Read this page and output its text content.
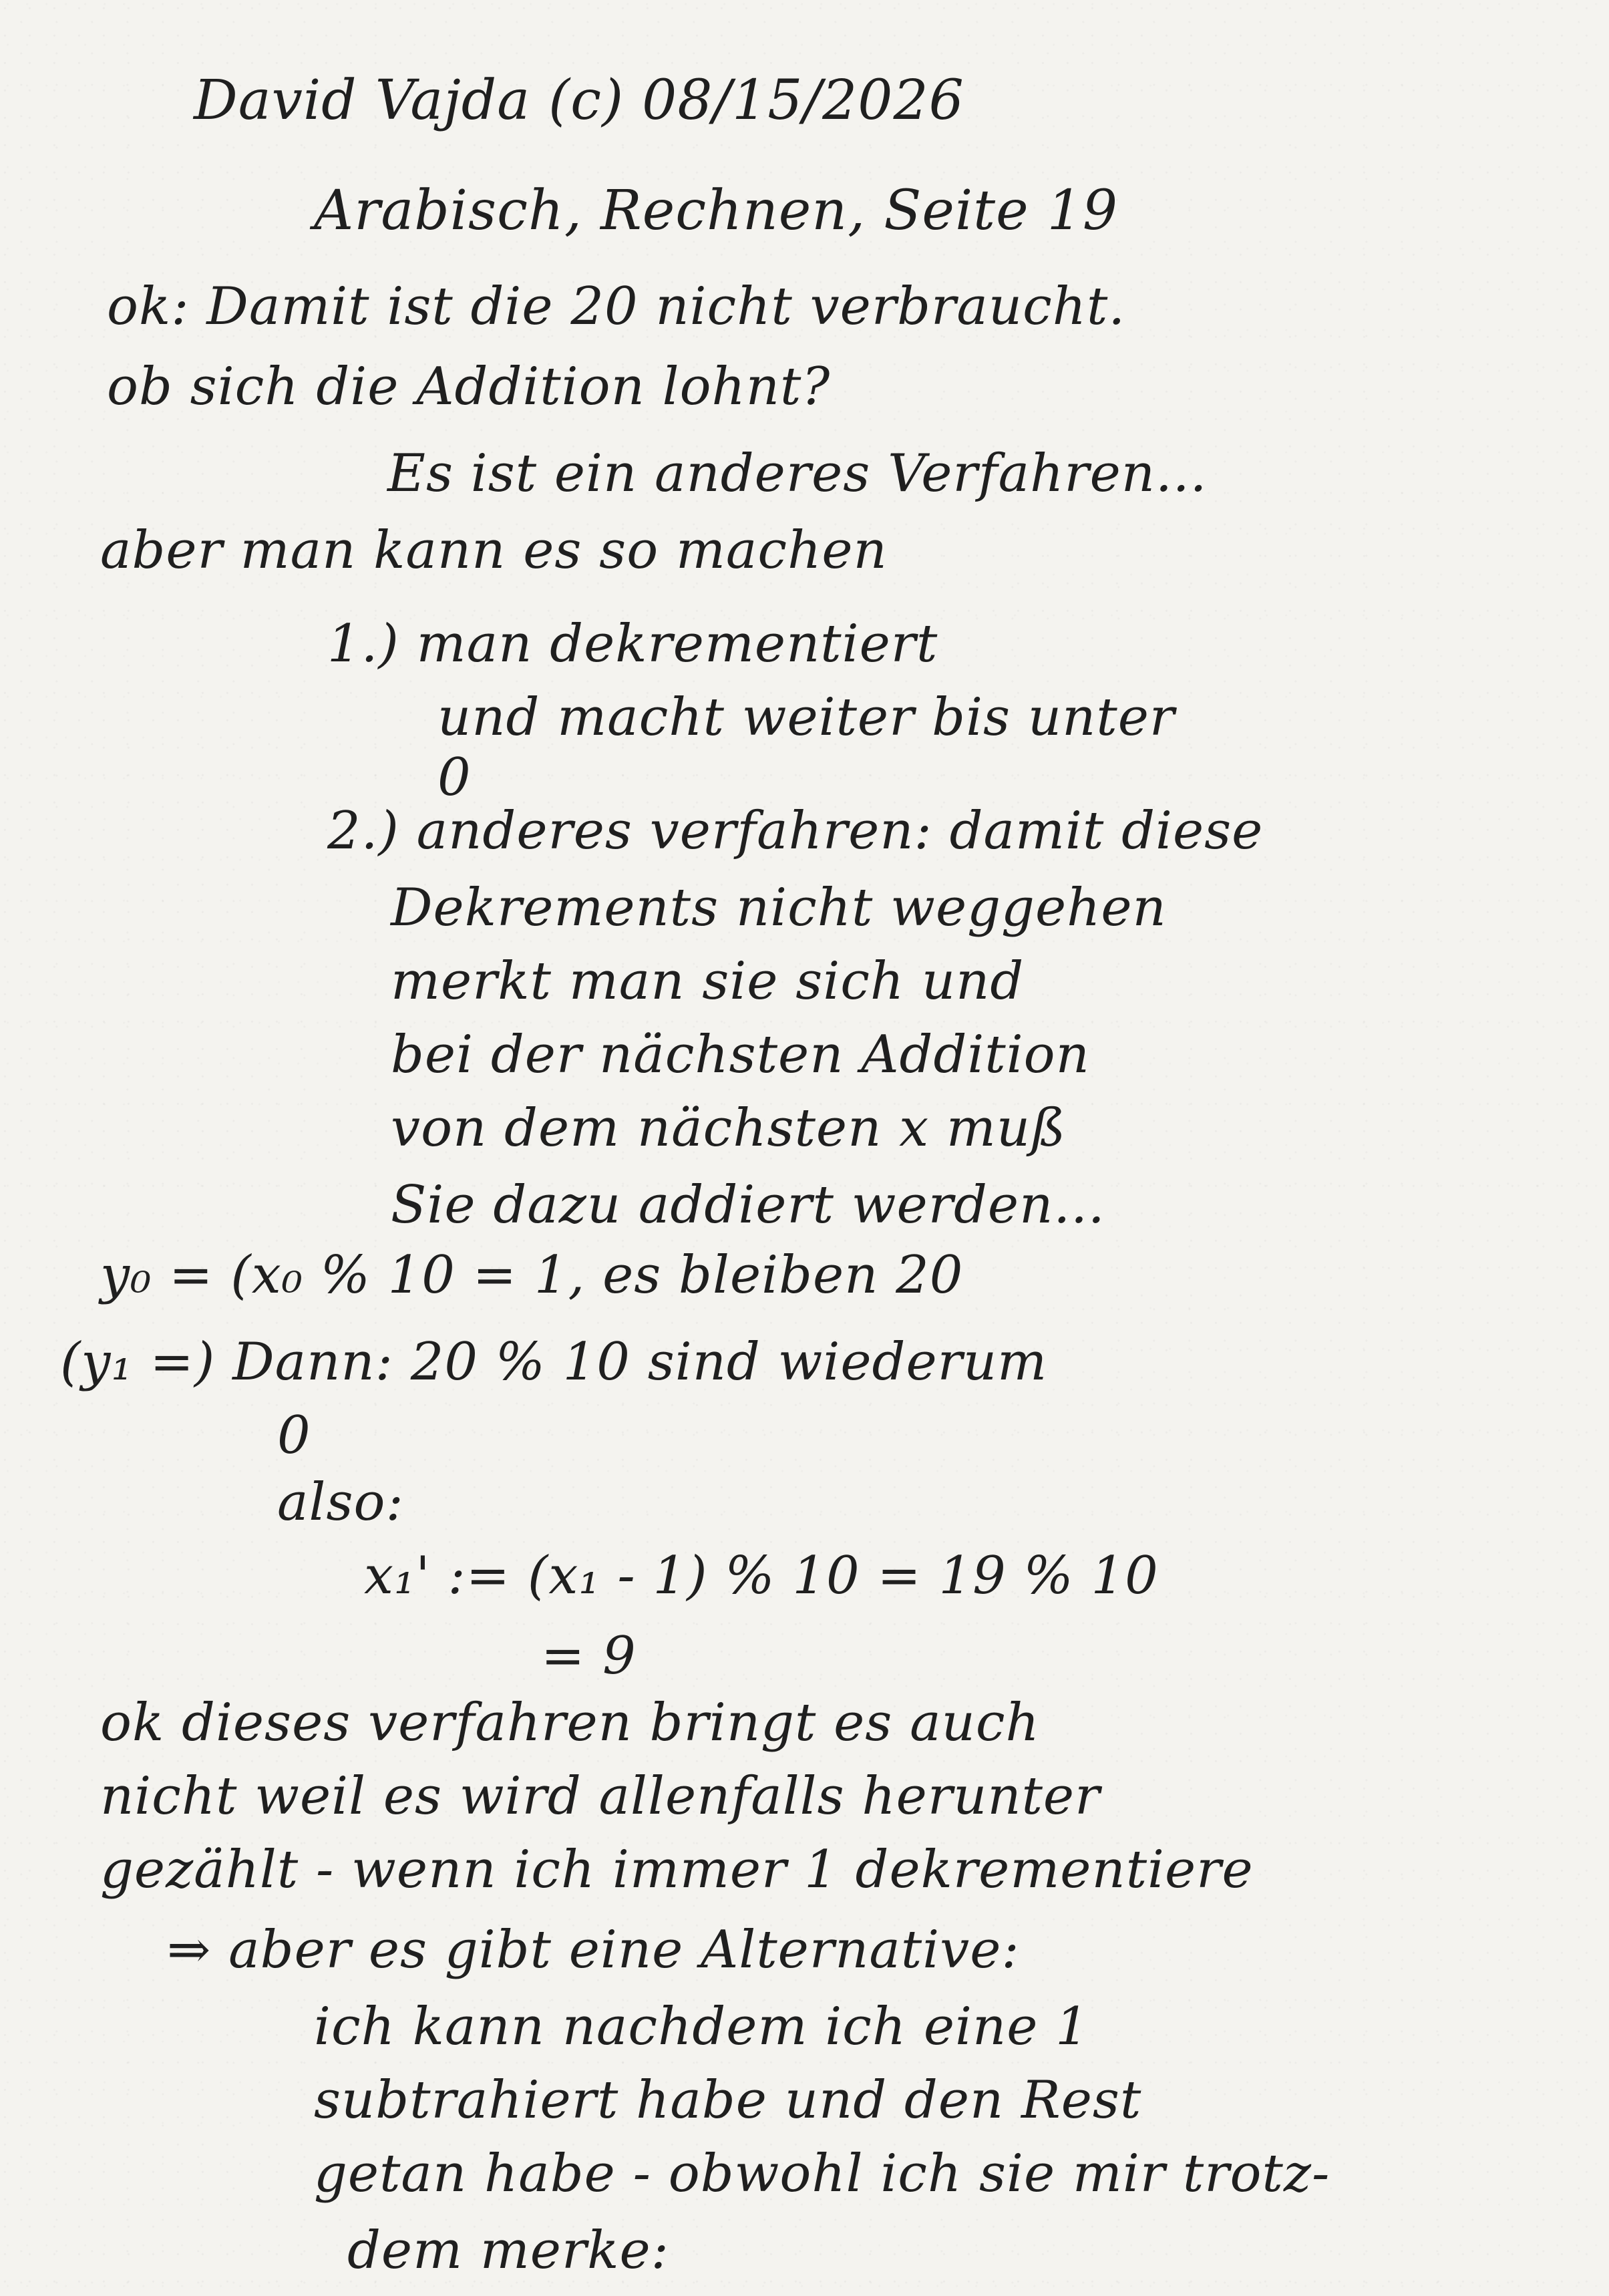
David Vajda (c) 08/15/2026
Arabisch, Rechnen, Seite 19
ok: Damit ist die 20 nicht verbraucht.
ob sich die Addition lohnt?
Es ist ein anderes Verfahren...
aber man kann es so machen
1.) man dekrementiert
und macht weiter bis unter
0
2.) anderes verfahren: damit diese
Dekrements nicht weggehen
merkt man sie sich und
bei der nächsten Addition
von dem nächsten x muß
Sie dazu addiert werden...
y₀ = (x₀ % 10 = 1, es bleiben 20
(y₁ =) Dann: 20 % 10 sind wiederum
0
also:
x₁' := (x₁ - 1) % 10 = 19 % 10
= 9
ok dieses verfahren bringt es auch
nicht weil es wird allenfalls herunter
gezählt - wenn ich immer 1 dekrementiere
⇒ aber es gibt eine Alternative:
ich kann nachdem ich eine 1
subtrahiert habe und den Rest
getan habe - obwohl ich sie mir trotz-
dem merke:
